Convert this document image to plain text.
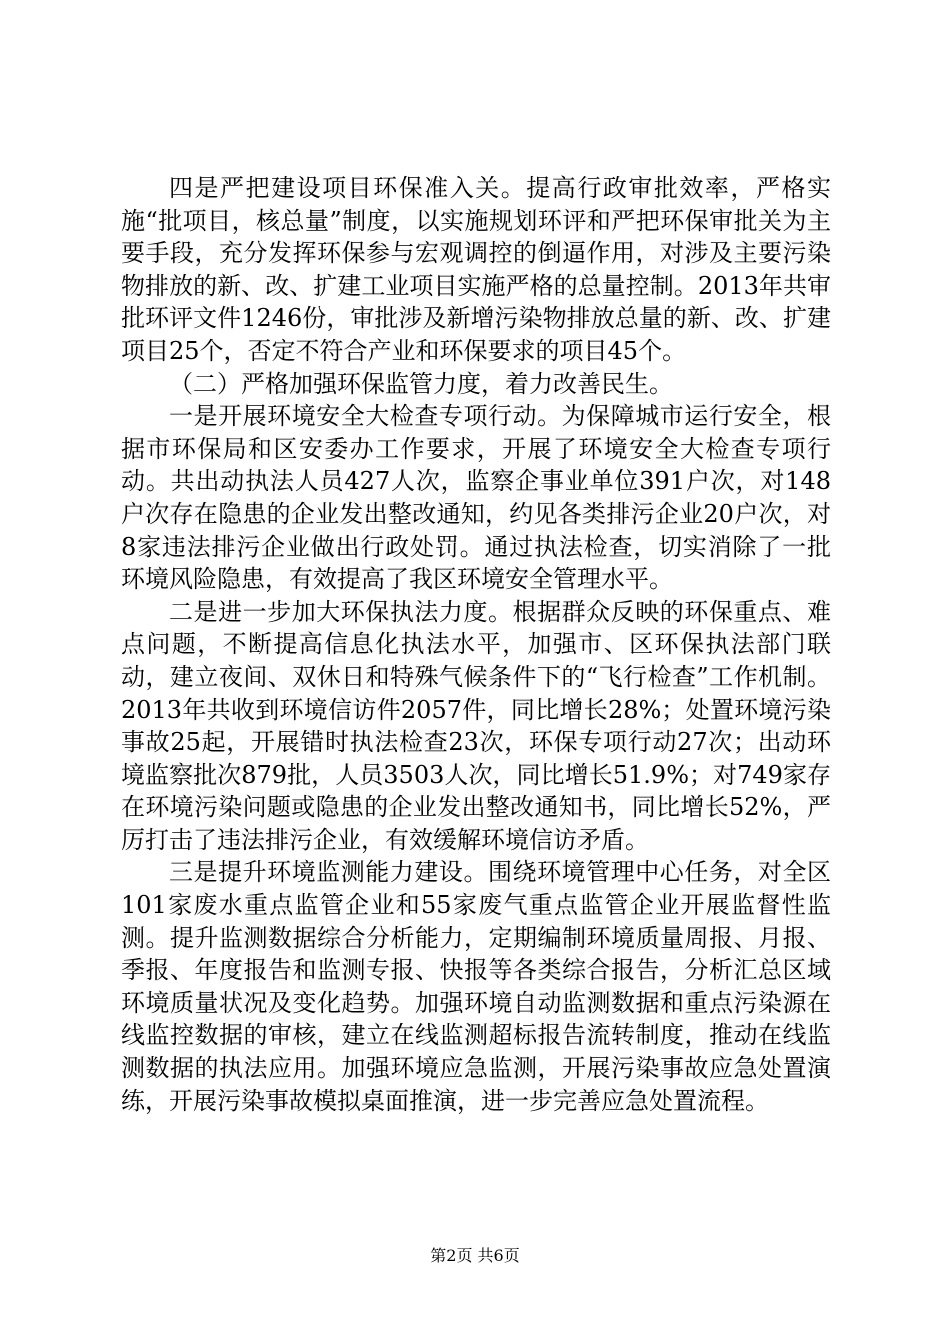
四是严把建设项目环保准入关。提高行政审批效率，严格实施“批项目，核总量”制度，以实施规划环评和严把环保审批关为主要手段，充分发挥环保参与宏观调控的倒逼作用，对涉及主要污染物排放的新、改、扩建工业项目实施严格的总量控制。2013年共审批环评文件1246份，审批涉及新增污染物排放总量的新、改、扩建项目25个，否定不符合产业和环保要求的项目45个。

（二）严格加强环保监管力度，着力改善民生。

一是开展环境安全大检查专项行动。为保障城市运行安全，根据市环保局和区安委办工作要求，开展了环境安全大检查专项行动。共出动执法人员427人次，监察企事业单位391户次，对148户次存在隐患的企业发出整改通知，约见各类排污企业20户次，对8家违法排污企业做出行政处罚。通过执法检查，切实消除了一批环境风险隐患，有效提高了我区环境安全管理水平。

二是进一步加大环保执法力度。根据群众反映的环保重点、难点问题，不断提高信息化执法水平，加强市、区环保执法部门联动，建立夜间、双休日和特殊气候条件下的“飞行检查”工作机制。2013年共收到环境信访件2057件，同比增长28%；处置环境污染事故25起，开展错时执法检查23次，环保专项行动27次；出动环境监察批次879批，人员3503人次，同比增长51.9%；对749家存在环境污染问题或隐患的企业发出整改通知书，同比增长52%，严厉打击了违法排污企业，有效缓解环境信访矛盾。

三是提升环境监测能力建设。围绕环境管理中心任务，对全区101家废水重点监管企业和55家废气重点监管企业开展监督性监测。提升监测数据综合分析能力，定期编制环境质量周报、月报、季报、年度报告和监测专报、快报等各类综合报告，分析汇总区域环境质量状况及变化趋势。加强环境自动监测数据和重点污染源在线监控数据的审核，建立在线监测超标报告流转制度，推动在线监测数据的执法应用。加强环境应急监测，开展污染事故应急处置演练，开展污染事故模拟桌面推演，进一步完善应急处置流程。

第2页 共6页
